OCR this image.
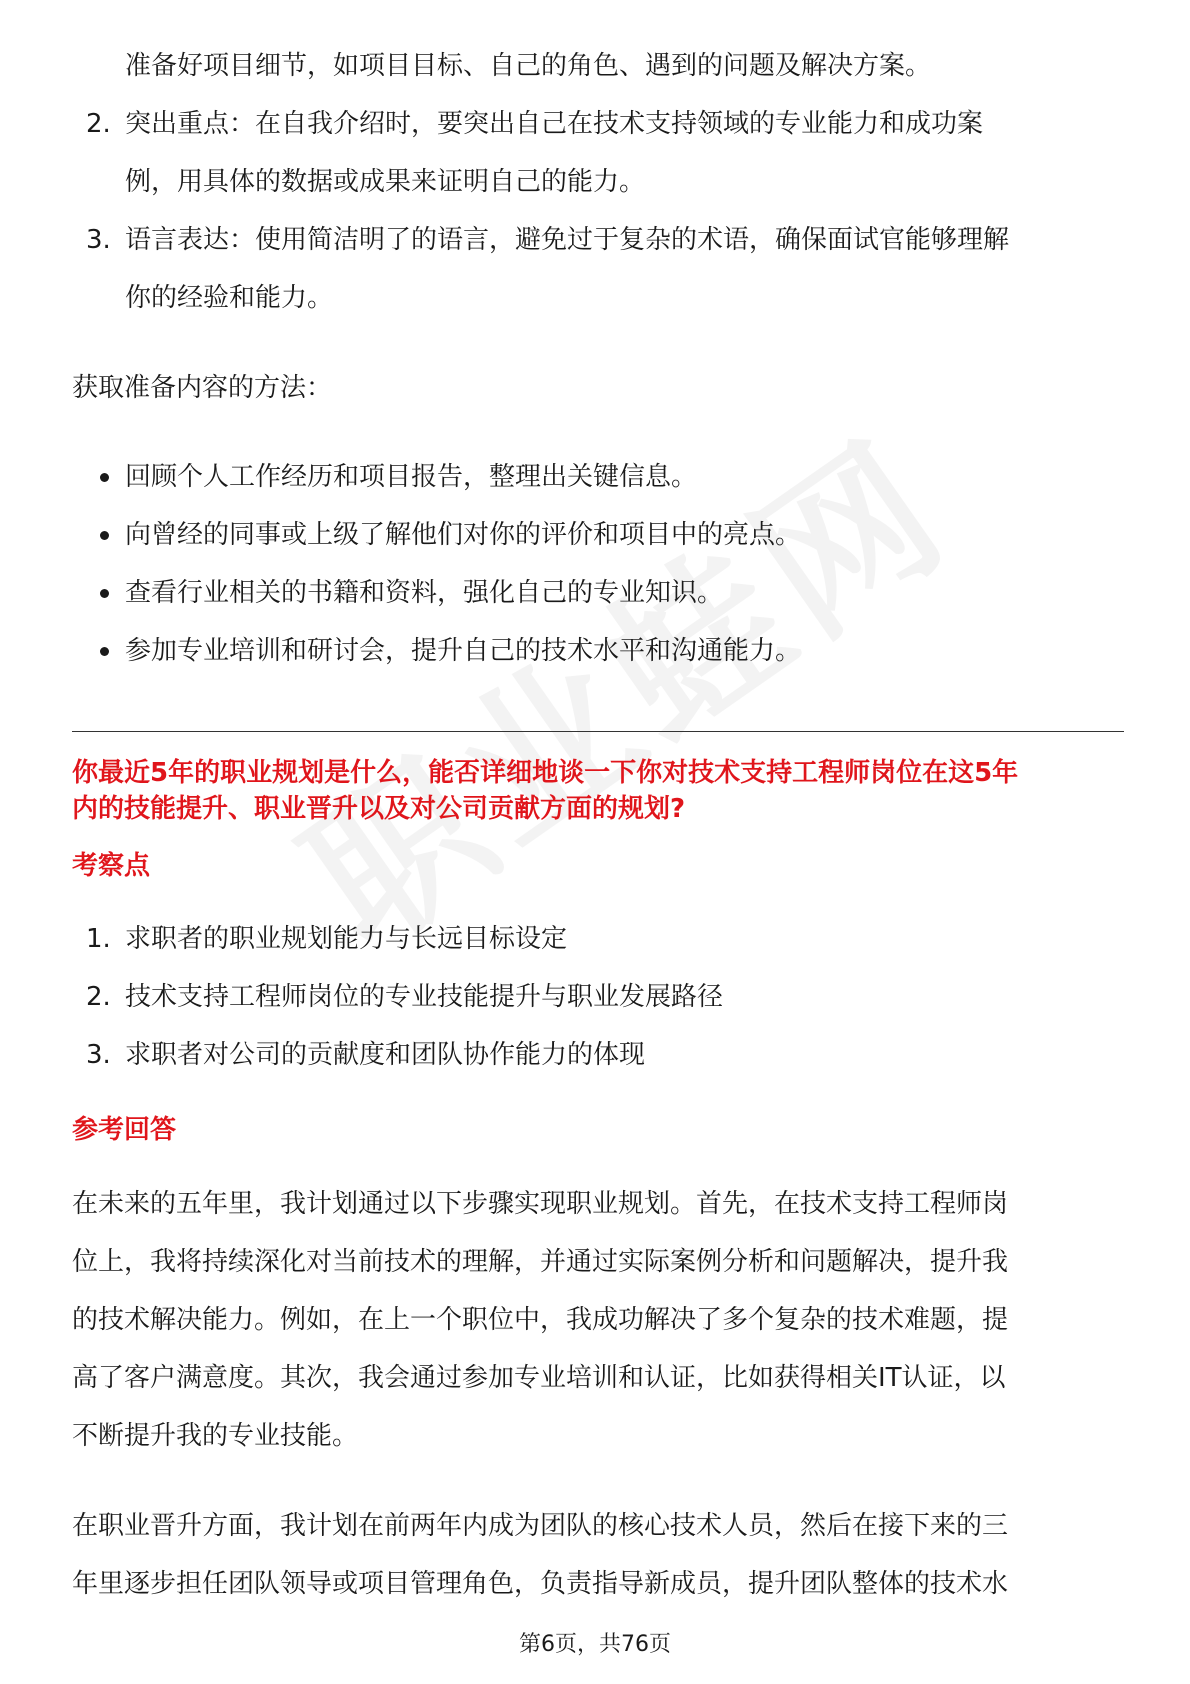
准备好项目细节，如项目目标、自己的角色、遇到的问题及解决方案。
2. 突出重点：在自我介绍时，要突出自己在技术支持领域的专业能力和成功案
例，用具体的数据或成果来证明自己的能力。
3. 语言表达：使用简洁明了的语言，避免过于复杂的术语，确保面试官能够理解
你的经验和能力。
获取准备内容的方法：
回顾个人工作经历和项目报告，整理出关键信息。
向曾经的同事或上级了解他们对你的评价和项目中的亮点。
查看行业相关的书籍和资料，强化自己的专业知识。
参加专业培训和研讨会，提升自己的技术水平和沟通能力。
你最近5年的职业规划是什么，能否详细地谈一下你对技术支持工程师岗位在这5年
内的技能提升、职业晋升以及对公司贡献方面的规划?
考察点
1. 求职者的职业规划能力与长远目标设定
2. 技术支持工程师岗位的专业技能提升与职业发展路径
3. 求职者对公司的贡献度和团队协作能力的体现
参考回答
在未来的五年里，我计划通过以下步骤实现职业规划。首先，在技术支持工程师岗
位上，我将持续深化对当前技术的理解，并通过实际案例分析和问题解决，提升我
的技术解决能力。例如，在上一个职位中，我成功解决了多个复杂的技术难题，提
高了客户满意度。其次，我会通过参加专业培训和认证，比如获得相关IT认证，以
不断提升我的专业技能。
在职业晋升方面，我计划在前两年内成为团队的核心技术人员，然后在接下来的三
年里逐步担任团队领导或项目管理角色，负责指导新成员，提升团队整体的技术水
第6页，共76页
